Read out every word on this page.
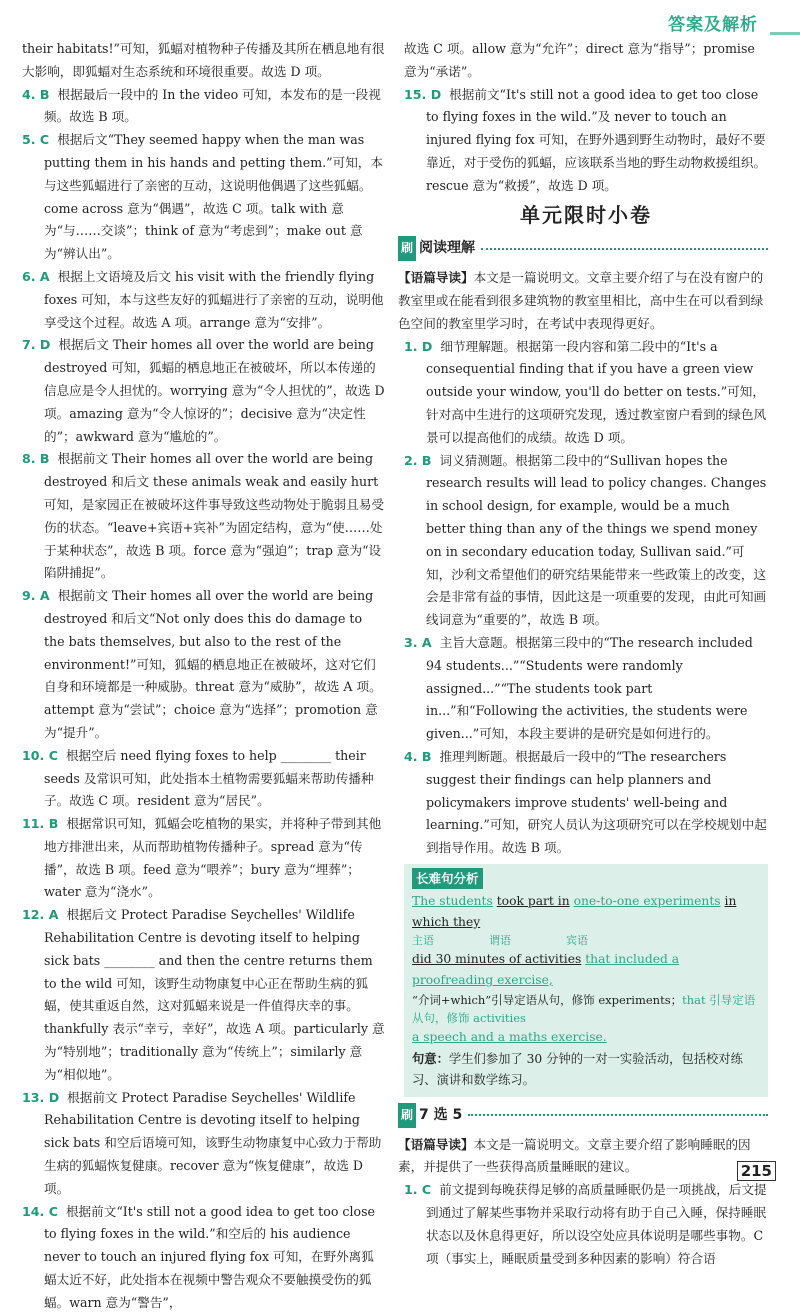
答案及解析

their habitats!”可知，狐蝠对植物种子传播及其所在栖息地有很大影响，即狐蝠对生态系统和环境很重要。故选 D 项。

4. B 根据最后一段中的 In the video 可知，本发布的是一段视频。故选 B 项。

5. C 根据后文“They seemed happy when the man was putting them in his hands and petting them.”可知，本与这些狐蝠进行了亲密的互动，这说明他偶遇了这些狐蝠。come across 意为“偶遇”，故选 C 项。talk with 意为“与……交谈”；think of 意为“考虑到”；make out 意为“辨认出”。

6. A 根据上文语境及后文 his visit with the friendly flying foxes 可知，本与这些友好的狐蝠进行了亲密的互动，说明他享受这个过程。故选 A 项。arrange 意为“安排”。

7. D 根据后文 Their homes all over the world are being destroyed 可知，狐蝠的栖息地正在被破坏，所以本传递的信息应是令人担忧的。worrying 意为“令人担忧的”，故选 D 项。amazing 意为“令人惊讶的”；decisive 意为“决定性的”；awkward 意为“尴尬的”。

8. B 根据前文 Their homes all over the world are being destroyed 和后文 these animals weak and easily hurt 可知，是家园正在被破坏这件事导致这些动物处于脆弱且易受伤的状态。“leave+宾语+宾补”为固定结构，意为“使……处于某种状态”，故选 B 项。force 意为“强迫”；trap 意为“设陷阱捕捉”。

9. A 根据前文 Their homes all over the world are being destroyed 和后文“Not only does this do damage to the bats themselves, but also to the rest of the environment!”可知，狐蝠的栖息地正在被破坏，这对它们自身和环境都是一种威胁。threat 意为“威胁”，故选 A 项。attempt 意为“尝试”；choice 意为“选择”；promotion 意为“提升”。

10. C 根据空后 need flying foxes to help ________ their seeds 及常识可知，此处指本土植物需要狐蝠来帮助传播种子。故选 C 项。resident 意为“居民”。

11. B 根据常识可知，狐蝠会吃植物的果实，并将种子带到其他地方排泄出来，从而帮助植物传播种子。spread 意为“传播”，故选 B 项。feed 意为“喂养”；bury 意为“埋葬”；water 意为“浇水”。

12. A 根据后文 Protect Paradise Seychelles' Wildlife Rehabilitation Centre is devoting itself to helping sick bats ________ and then the centre returns them to the wild 可知，该野生动物康复中心正在帮助生病的狐蝠，使其重返自然，这对狐蝠来说是一件值得庆幸的事。thankfully 表示“幸亏，幸好”，故选 A 项。particularly 意为“特别地”；traditionally 意为“传统上”；similarly 意为“相似地”。

13. D 根据前文 Protect Paradise Seychelles' Wildlife Rehabilitation Centre is devoting itself to helping sick bats 和空后语境可知，该野生动物康复中心致力于帮助生病的狐蝠恢复健康。recover 意为“恢复健康”，故选 D 项。

14. C 根据前文“It's still not a good idea to get too close to flying foxes in the wild.”和空后的 his audience never to touch an injured flying fox 可知，在野外离狐蝠太近不好，此处指本在视频中警告观众不要触摸受伤的狐蝠。warn 意为“警告”，

故选 C 项。allow 意为“允许”；direct 意为“指导”；promise 意为“承诺”。

15. D 根据前文“It's still not a good idea to get too close to flying foxes in the wild.”及 never to touch an injured flying fox 可知，在野外遇到野生动物时，最好不要靠近，对于受伤的狐蝠，应该联系当地的野生动物救援组织。rescue 意为“救援”，故选 D 项。

单元限时小卷
刷 阅读理解

【语篇导读】本文是一篇说明文。文章主要介绍了与在没有窗户的教室里或在能看到很多建筑物的教室里相比，高中生在可以看到绿色空间的教室里学习时，在考试中表现得更好。

1. D 细节理解题。根据第一段内容和第二段中的“It's a consequential finding that if you have a green view outside your window, you'll do better on tests.”可知，针对高中生进行的这项研究发现，透过教室窗户看到的绿色风景可以提高他们的成绩。故选 D 项。

2. B 词义猜测题。根据第二段中的“Sullivan hopes the research results will lead to policy changes. Changes in school design, for example, would be a much better thing than any of the things we spend money on in secondary education today, Sullivan said.”可知，沙利文希望他们的研究结果能带来一些政策上的改变，这会是非常有益的事情，因此这是一项重要的发现，由此可知画线词意为“重要的”，故选 B 项。

3. A 主旨大意题。根据第三段中的“The research included 94 students...”“Students were randomly assigned...”“The students took part in...”和“Following the activities, the students were given...”可知，本段主要讲的是研究是如何进行的。

4. B 推理判断题。根据最后一段中的“The researchers suggest their findings can help planners and policymakers improve students' well-being and learning.”可知，研究人员认为这项研究可以在学校规划中起到指导作用。故选 B 项。

长难句分析

The students took part in one-to-one experiments in which they

主语　　　　　谓语　　　　　宾语

did 30 minutes of activities that included a proofreading exercise,

“介词+which”引导定语从句，修饰 experiments；that 引导定语从句，修饰 activities

a speech and a maths exercise.

句意：学生们参加了 30 分钟的一对一实验活动，包括校对练习、演讲和数学练习。

刷 7 选 5

【语篇导读】本文是一篇说明文。文章主要介绍了影响睡眠的因素，并提供了一些获得高质量睡眠的建议。

1. C 前文提到每晚获得足够的高质量睡眠仍是一项挑战，后文提到通过了解某些事物并采取行动将有助于自己入睡，保持睡眠状态以及休息得更好，所以设空处应具体说明是哪些事物。C 项（事实上，睡眠质量受到多种因素的影响）符合语

215
